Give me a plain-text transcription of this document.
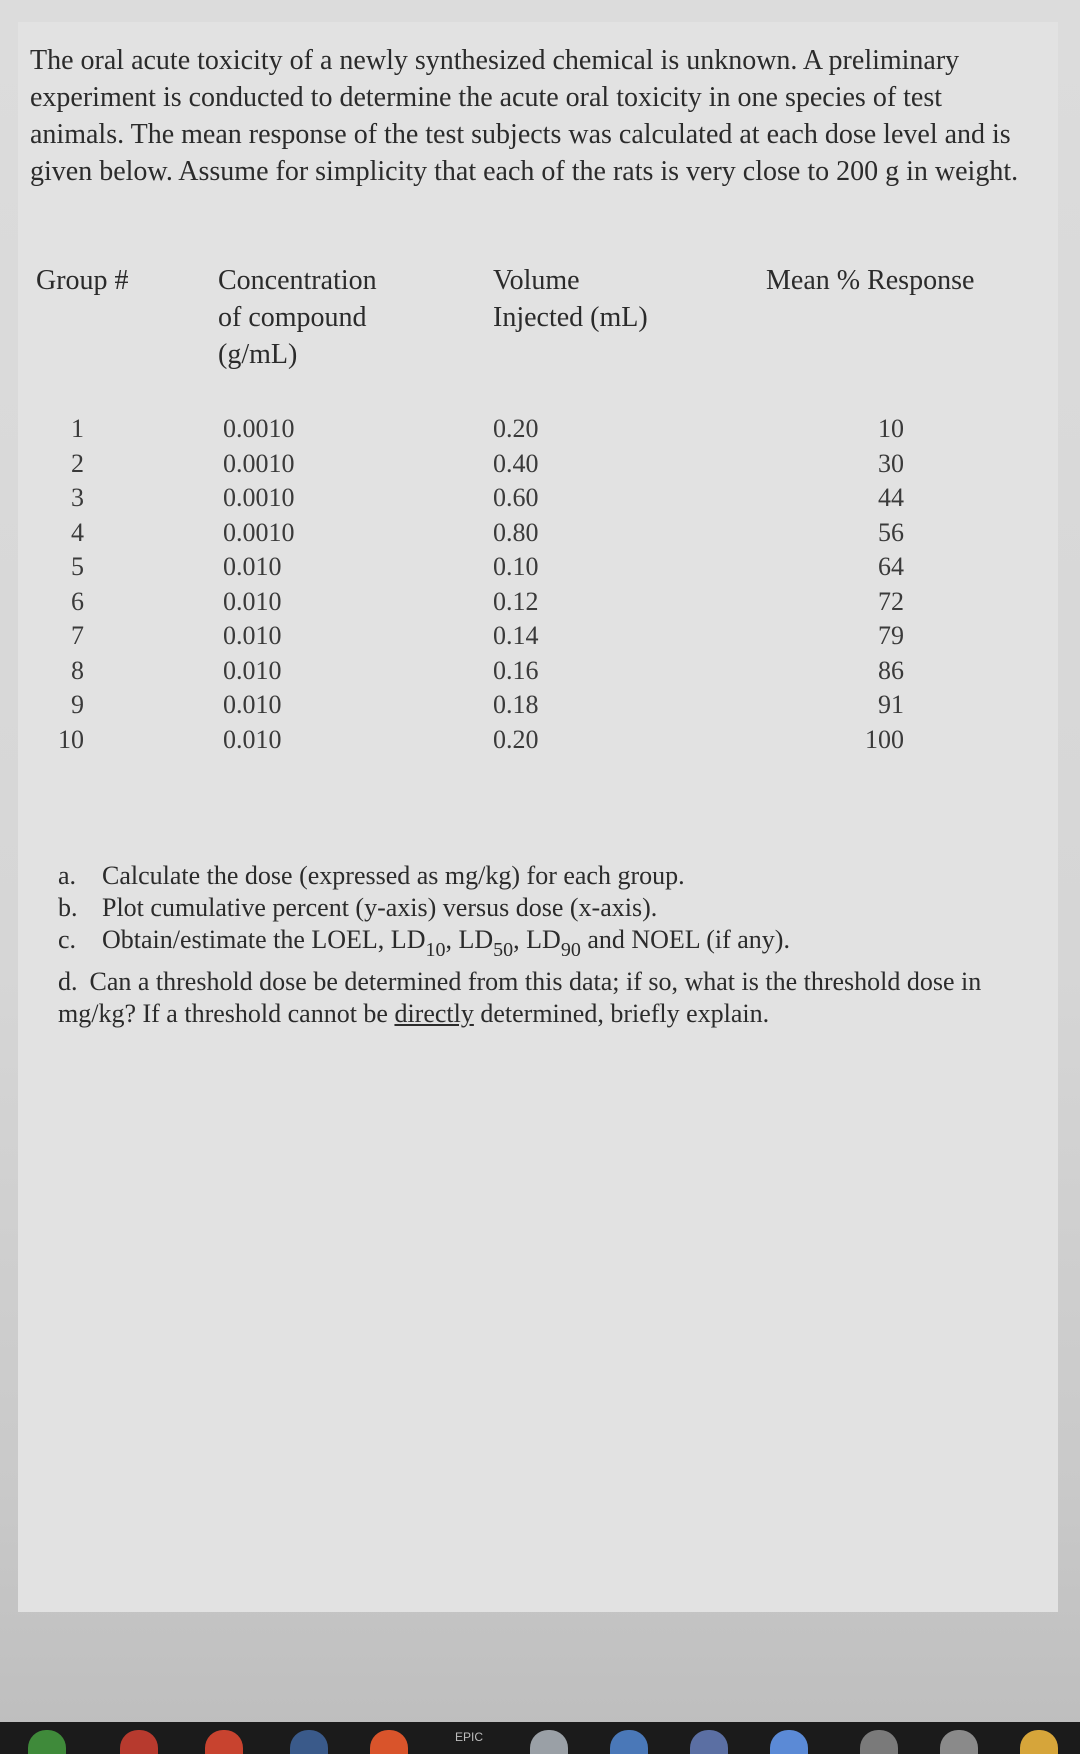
The oral acute toxicity of a newly synthesized chemical is unknown. A preliminary experiment is conducted to determine the acute oral toxicity in one species of test animals. The mean response of the test subjects was calculated at each dose level and is given below. Assume for simplicity that each of the rats is very close to 200 g in weight.

Group #	Concentration
of compound
(g/mL)
Volume
Injected (mL)
Mean % Response
1
2
3
4
5
6
7
8
9
10
0.0010
0.0010
0.0010
0.0010
0.010
0.010
0.010
0.010
0.010
0.010
0.20
0.40
0.60
0.80
0.10
0.12
0.14
0.16
0.18
0.20
10
30
44
56
64
72
79
86
91
100
a. Calculate the dose (expressed as mg/kg) for each group.
b. Plot cumulative percent (y-axis) versus dose (x-axis).
c. Obtain/estimate the LOEL, $LD_{10}$, $LD_{50}$, $LD_{90}$ and NOEL (if any).
d. Can a threshold dose be determined from this data; if so, what is the threshold dose in mg/kg? If a threshold cannot be directly determined, briefly explain.
EPIC
